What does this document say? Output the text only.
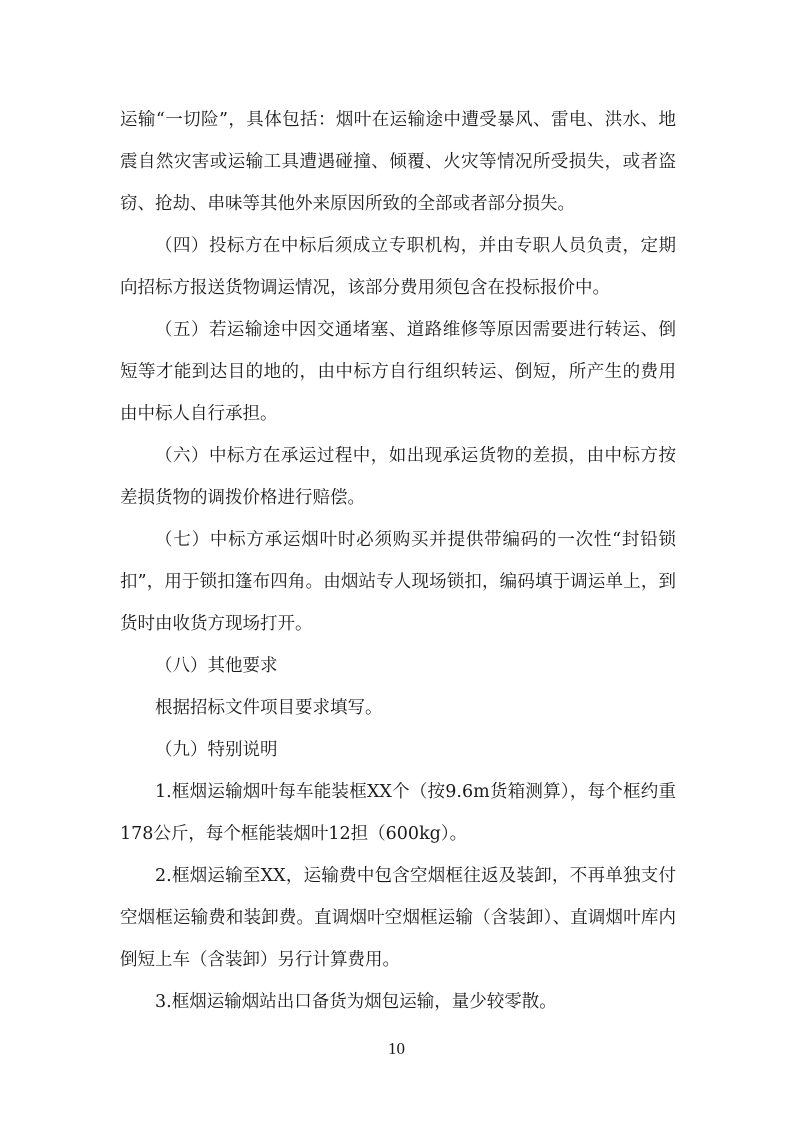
运输“一切险”，具体包括：烟叶在运输途中遭受暴风、雷电、洪水、地震自然灾害或运输工具遭遇碰撞、倾覆、火灾等情况所受损失，或者盗窃、抢劫、串味等其他外来原因所致的全部或者部分损失。

（四）投标方在中标后须成立专职机构，并由专职人员负责，定期向招标方报送货物调运情况，该部分费用须包含在投标报价中。

（五）若运输途中因交通堵塞、道路维修等原因需要进行转运、倒短等才能到达目的地的，由中标方自行组织转运、倒短，所产生的费用由中标人自行承担。

（六）中标方在承运过程中，如出现承运货物的差损，由中标方按差损货物的调拨价格进行赔偿。

（七）中标方承运烟叶时必须购买并提供带编码的一次性“封铅锁扣”，用于锁扣篷布四角。由烟站专人现场锁扣，编码填于调运单上，到货时由收货方现场打开。

（八）其他要求

根据招标文件项目要求填写。

（九）特别说明

1.框烟运输烟叶每车能装框XX个（按9.6m货箱测算），每个框约重178公斤，每个框能装烟叶12担（600kg）。

2.框烟运输至XX，运输费中包含空烟框往返及装卸，不再单独支付空烟框运输费和装卸费。直调烟叶空烟框运输（含装卸）、直调烟叶库内倒短上车（含装卸）另行计算费用。

3.框烟运输烟站出口备货为烟包运输，量少较零散。

10
